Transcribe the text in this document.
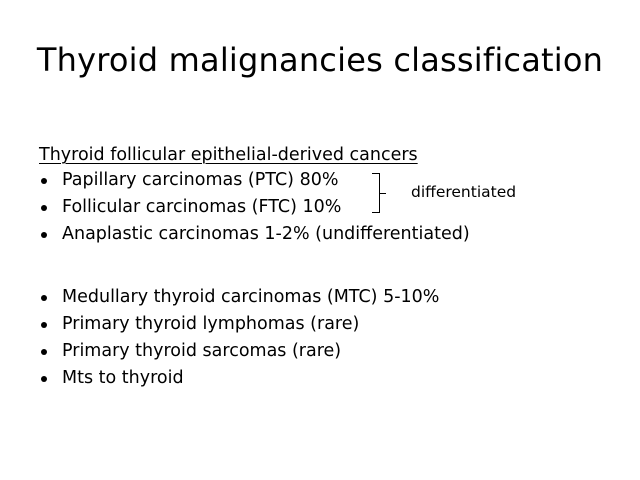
Thyroid malignancies classification
Thyroid follicular epithelial-derived cancers
Papillary carcinomas (PTC) 80%
Follicular carcinomas (FTC) 10%
Anaplastic carcinomas 1-2% (undifferentiated)
differentiated
Medullary thyroid carcinomas (MTC) 5-10%
Primary thyroid lymphomas (rare)
Primary thyroid sarcomas (rare)
Mts to thyroid
